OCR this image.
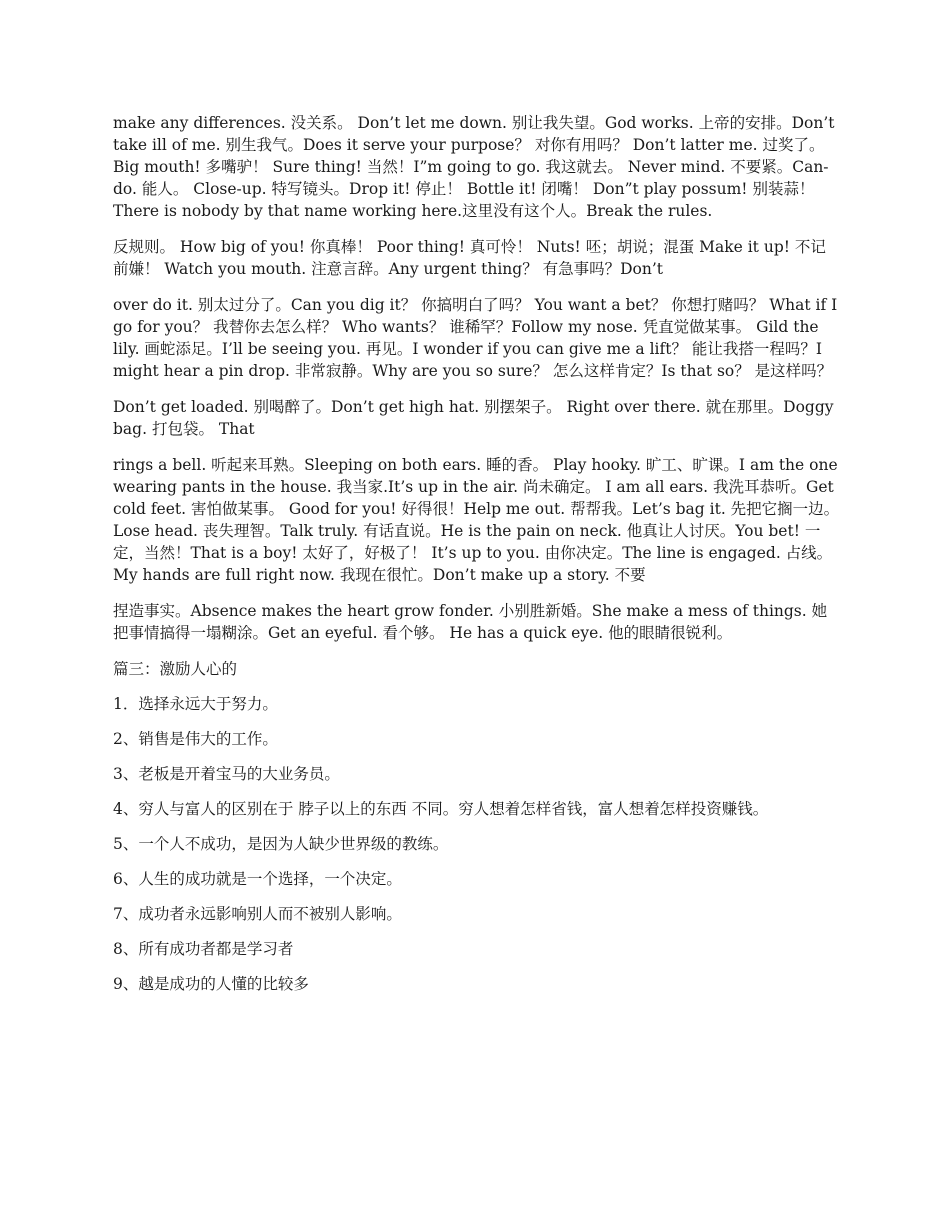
make any differences. 没关系。 Don’t let me down. 别让我失望。God works. 上帝的安排。Don’t take ill of me. 别生我气。Does it serve your purpose？ 对你有用吗？ Don’t latter me. 过奖了。Big mouth! 多嘴驴！ Sure thing! 当然！I”m going to go. 我这就去。 Never mind. 不要紧。Can-do. 能人。 Close-up. 特写镜头。Drop it! 停止！ Bottle it! 闭嘴！ Don”t play possum! 别装蒜！There is nobody by that name working here.这里没有这个人。Break the rules.

反规则。 How big of you! 你真棒！ Poor thing! 真可怜！ Nuts! 呸；胡说；混蛋 Make it up! 不记前嫌！ Watch you mouth. 注意言辞。Any urgent thing？ 有急事吗？Don’t

over do it. 别太过分了。Can you dig it？ 你搞明白了吗？ You want a bet？ 你想打赌吗？ What if I go for you？ 我替你去怎么样？ Who wants？ 谁稀罕？Follow my nose. 凭直觉做某事。 Gild the lily. 画蛇添足。I’ll be seeing you. 再见。I wonder if you can give me a lift？ 能让我搭一程吗？I might hear a pin drop. 非常寂静。Why are you so sure？ 怎么这样肯定？Is that so？ 是这样吗？

Don’t get loaded. 别喝醉了。Don’t get high hat. 别摆架子。 Right over there. 就在那里。Doggy bag. 打包袋。 That

rings a bell. 听起来耳熟。Sleeping on both ears. 睡的香。 Play hooky. 旷工、旷课。I am the one wearing pants in the house. 我当家.It’s up in the air. 尚未确定。 I am all ears. 我洗耳恭听。Get cold feet. 害怕做某事。 Good for you! 好得很！Help me out. 帮帮我。Let’s bag it. 先把它搁一边。Lose head. 丧失理智。Talk truly. 有话直说。He is the pain on neck. 他真让人讨厌。You bet! 一定，当然！That is a boy! 太好了，好极了！ It’s up to you. 由你决定。The line is engaged. 占线。My hands are full right now. 我现在很忙。Don’t make up a story. 不要

捏造事实。Absence makes the heart grow fonder. 小别胜新婚。She make a mess of things. 她把事情搞得一塌糊涂。Get an eyeful. 看个够。 He has a quick eye. 他的眼睛很锐利。

篇三：激励人心的

1．选择永远大于努力。

2、销售是伟大的工作。

3、老板是开着宝马的大业务员。

4、穷人与富人的区别在于 脖子以上的东西 不同。穷人想着怎样省钱，富人想着怎样投资赚钱。

5、一个人不成功，是因为人缺少世界级的教练。

6、人生的成功就是一个选择，一个决定。

7、成功者永远影响别人而不被别人影响。

8、所有成功者都是学习者

9、越是成功的人懂的比较多
